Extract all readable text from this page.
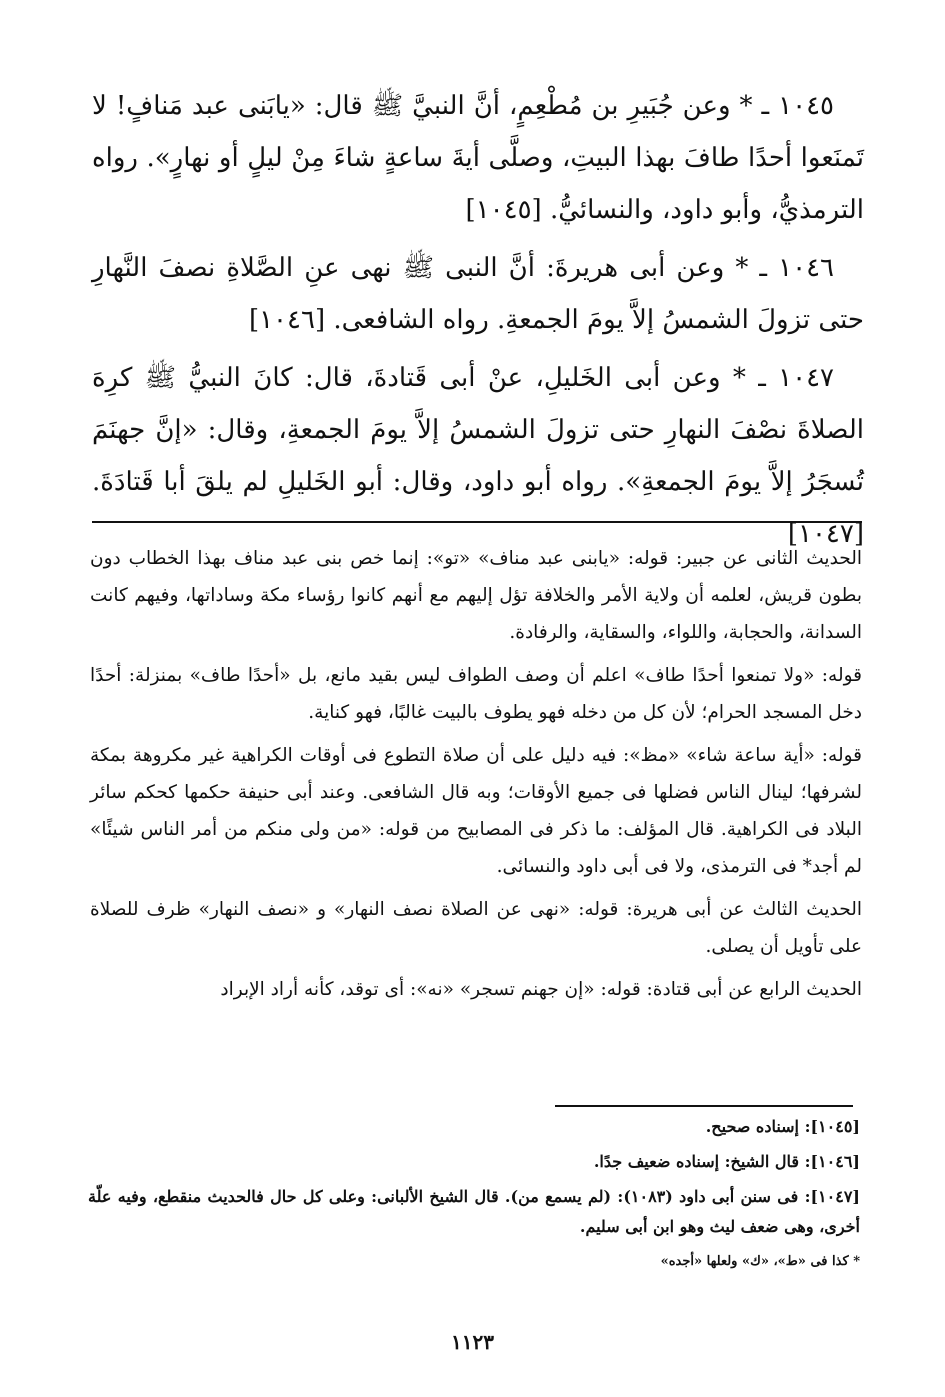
١٠٤٥ ـ * وعن جُبَيرِ بن مُطْعِمٍ، أنَّ النبيَّ ﷺ قال: «يابَنى عبد مَنافٍ! لا تَمنَعوا أحدًا طافَ بهذا البيتِ، وصلَّى أيةَ ساعةٍ شاءَ مِنْ ليلٍ أو نهارٍ». رواه الترمذيُّ، وأبو داود، والنسائيُّ. [١٠٤٥]

١٠٤٦ ـ * وعن أبى هريرةَ: أنَّ النبى ﷺ نهى عنِ الصَّلاةِ نصفَ النَّهارِ حتى تزولَ الشمسُ إلاَّ يومَ الجمعةِ. رواه الشافعى. [١٠٤٦]

١٠٤٧ ـ * وعن أبى الخَليلِ، عنْ أبى قَتادةَ، قال: كانَ النبيُّ ﷺ كرِهَ الصلاةَ نصْفَ النهارِ حتى تزولَ الشمسُ إلاَّ يومَ الجمعةِ، وقال: «إنَّ جهنَمَ تُسجَرُ إلاَّ يومَ الجمعةِ». رواه أبو داود، وقال: أبو الخَليلِ لم يلقَ أبا قَتادَةَ. [١٠٤٧]

الحديث الثانى عن جبير: قوله: «يابنى عبد مناف» «تو»: إنما خص بنى عبد مناف بهذا الخطاب دون بطون قريش، لعلمه أن ولاية الأمر والخلافة تؤل إليهم مع أنهم كانوا رؤساء مكة وساداتها، وفيهم كانت السدانة، والحجابة، واللواء، والسقاية، والرفادة.

قوله: «ولا تمنعوا أحدًا طاف» اعلم أن وصف الطواف ليس بقيد مانع، بل «أحدًا طاف» بمنزلة: أحدًا دخل المسجد الحرام؛ لأن كل من دخله فهو يطوف بالبيت غالبًا، فهو كناية.

قوله: «أية ساعة شاء» «مظ»: فيه دليل على أن صلاة التطوع فى أوقات الكراهية غير مكروهة بمكة لشرفها؛ لينال الناس فضلها فى جميع الأوقات؛ وبه قال الشافعى. وعند أبى حنيفة حكمها كحكم سائر البلاد فى الكراهية. قال المؤلف: ما ذكر فى المصابيح من قوله: «من ولى منكم من أمر الناس شيئًا» لم أجد* فى الترمذى، ولا فى أبى داود والنسائى.

الحديث الثالث عن أبى هريرة: قوله: «نهى عن الصلاة نصف النهار» و «نصف النهار» ظرف للصلاة على تأويل أن يصلى.

الحديث الرابع عن أبى قتادة: قوله: «إن جهنم تسجر» «نه»: أى توقد، كأنه أراد الإبراد

[١٠٤٥]: إسناده صحيح.

[١٠٤٦]: قال الشيخ: إسناده ضعيف جدًا.

[١٠٤٧]: فى سنن أبى داود (١٠٨٣): (لم يسمع من). قال الشيخ الألبانى: وعلى كل حال فالحديث منقطع، وفيه علّة أخرى، وهى ضعف ليث وهو ابن أبى سليم.

* كذا فى «ط»، «ك» ولعلها «أجده»

١١٢٣
